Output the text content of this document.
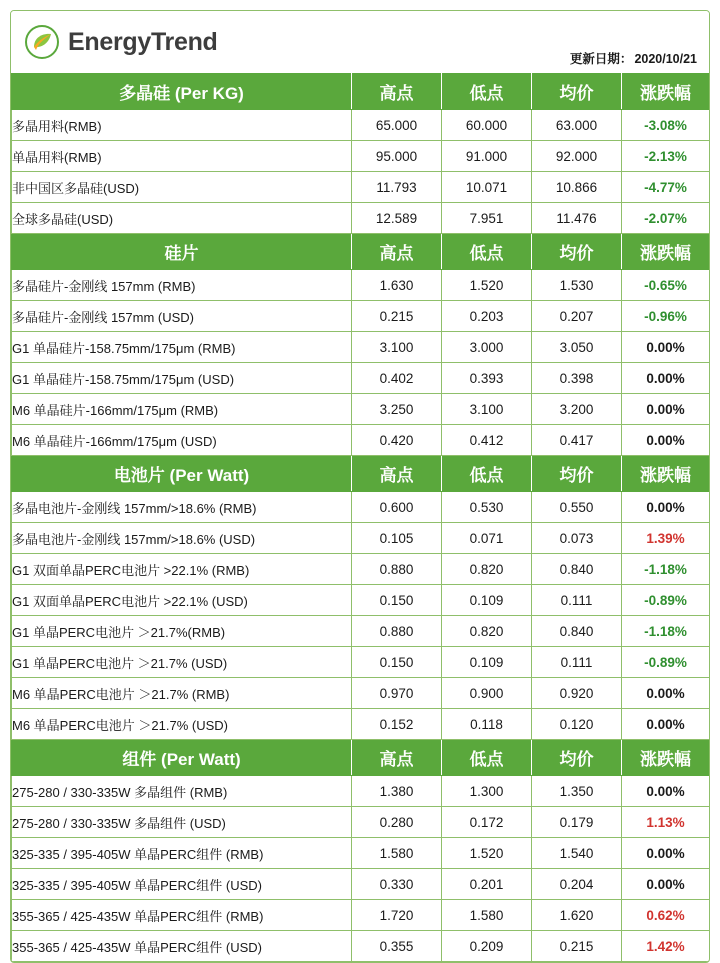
EnergyTrend
更新日期： 2020/10/21
多晶硅 (Per KG)	高点	低点	均价	涨跌幅
多晶用料(RMB)	65.000	60.000	63.000	-3.08%
单晶用料(RMB)	95.000	91.000	92.000	-2.13%
非中国区多晶硅(USD)	11.793	10.071	10.866	-4.77%
全球多晶硅(USD)	12.589	7.951	11.476	-2.07%
硅片	高点	低点	均价	涨跌幅
多晶硅片-金刚线 157mm (RMB)	1.630	1.520	1.530	-0.65%
多晶硅片-金刚线 157mm (USD)	0.215	0.203	0.207	-0.96%
G1 单晶硅片-158.75mm/175μm (RMB)	3.100	3.000	3.050	0.00%
G1 单晶硅片-158.75mm/175μm (USD)	0.402	0.393	0.398	0.00%
M6 单晶硅片-166mm/175μm (RMB)	3.250	3.100	3.200	0.00%
M6 单晶硅片-166mm/175μm (USD)	0.420	0.412	0.417	0.00%
电池片 (Per Watt)	高点	低点	均价	涨跌幅
多晶电池片-金刚线 157mm/>18.6% (RMB)	0.600	0.530	0.550	0.00%
多晶电池片-金刚线 157mm/>18.6% (USD)	0.105	0.071	0.073	1.39%
G1 双面单晶PERC电池片 >22.1% (RMB)	0.880	0.820	0.840	-1.18%
G1 双面单晶PERC电池片 >22.1% (USD)	0.150	0.109	0.111	-0.89%
G1 单晶PERC电池片 ＞21.7%(RMB)	0.880	0.820	0.840	-1.18%
G1 单晶PERC电池片 ＞21.7% (USD)	0.150	0.109	0.111	-0.89%
M6 单晶PERC电池片 ＞21.7% (RMB)	0.970	0.900	0.920	0.00%
M6 单晶PERC电池片 ＞21.7% (USD)	0.152	0.118	0.120	0.00%
组件 (Per Watt)	高点	低点	均价	涨跌幅
275-280 / 330-335W 多晶组件 (RMB)	1.380	1.300	1.350	0.00%
275-280 / 330-335W 多晶组件 (USD)	0.280	0.172	0.179	1.13%
325-335 / 395-405W 单晶PERC组件 (RMB)	1.580	1.520	1.540	0.00%
325-335 / 395-405W 单晶PERC组件 (USD)	0.330	0.201	0.204	0.00%
355-365 / 425-435W 单晶PERC组件 (RMB)	1.720	1.580	1.620	0.62%
355-365 / 425-435W 单晶PERC组件 (USD)	0.355	0.209	0.215	1.42%
